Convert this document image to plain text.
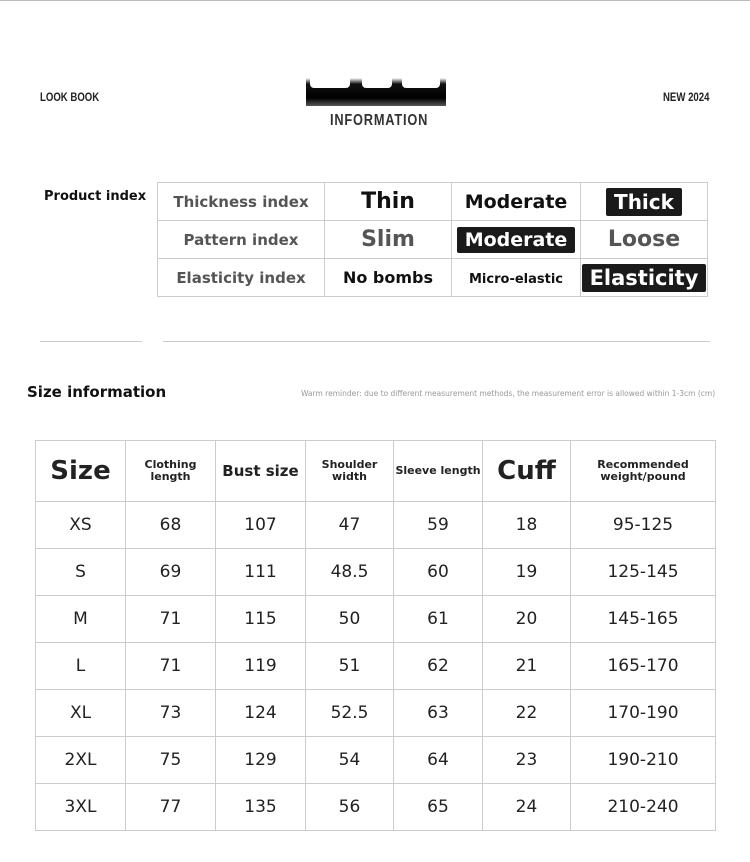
LOOK BOOK	NEW 2024
INFORMATION
Product index Thickness index	Thin	Moderate	Thick
Pattern index	Slim	Moderate	Loose
Elasticity index	No bombs	Micro-elastic	Elasticity
Size information	Warm reminder: due to different measurement methods, the measurement error is allowed within 1-3cm (cm)
Size	Clothing length	Bust size	Shoulder width	Sleeve length	Cuff	Recommended weight/pound
XS	68	107	47	59	18	95-125
S	69	111	48.5	60	19	125-145
M	71	115	50	61	20	145-165
L	71	119	51	62	21	165-170
XL	73	124	52.5	63	22	170-190
2XL	75	129	54	64	23	190-210
3XL	77	135	56	65	24	210-240
